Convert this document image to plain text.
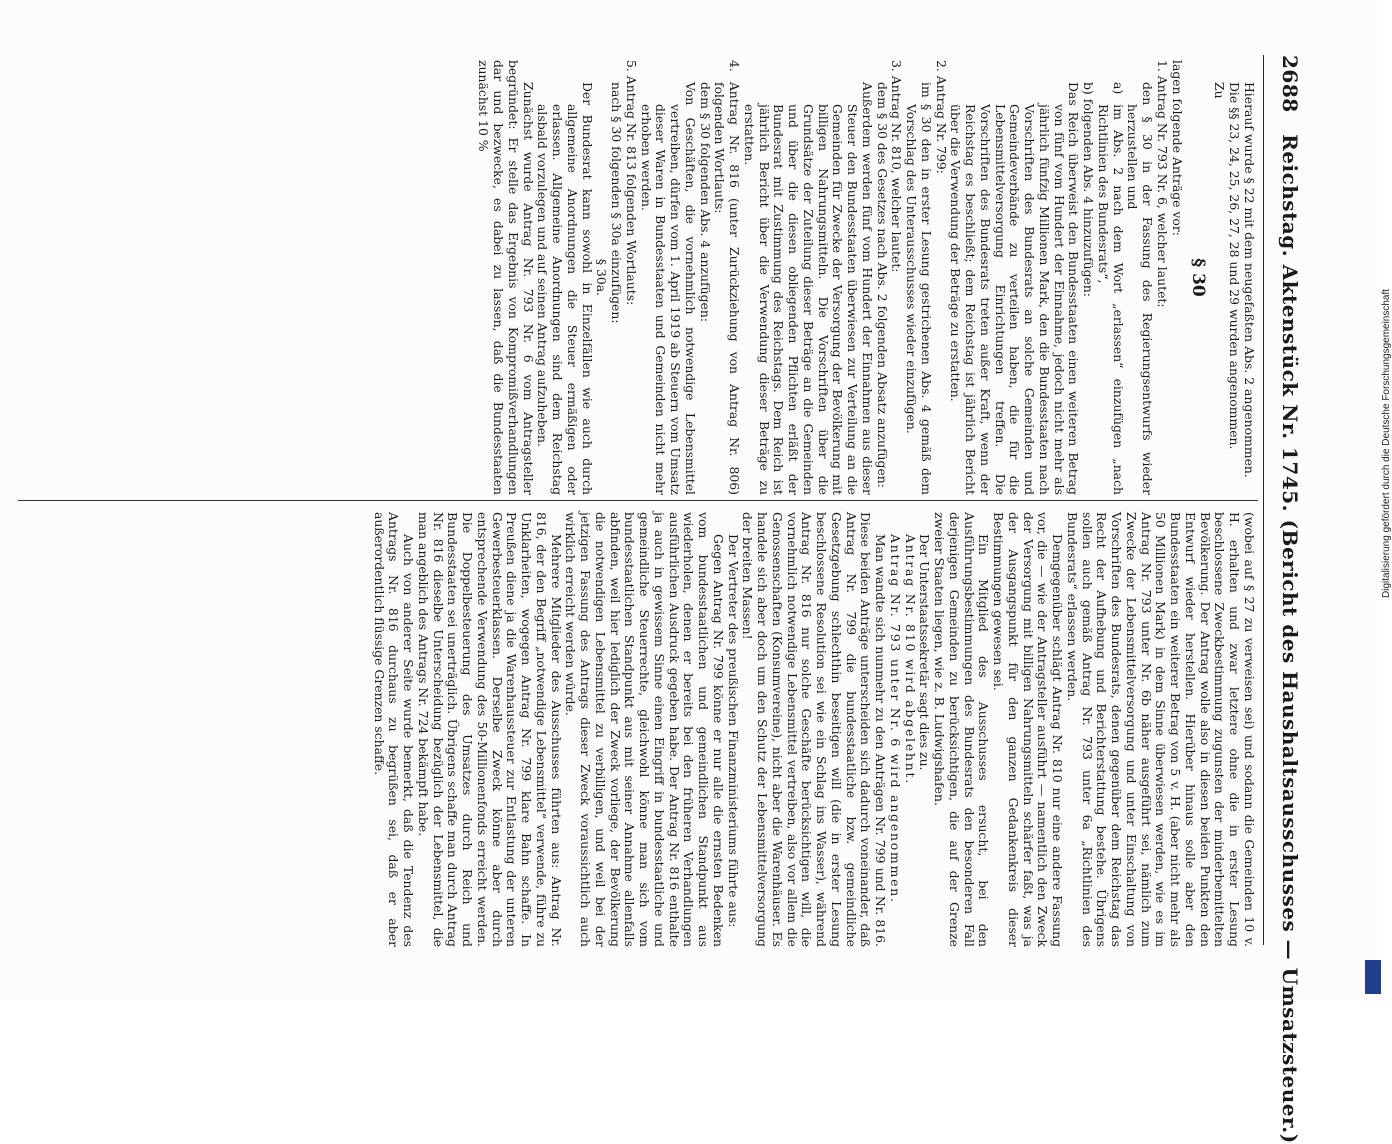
2688 Reichstag. Aktenstück Nr. 1745. (Bericht des Haushaltsausschusses — Umsatzsteuer.)

Hierauf wurde § 22 mit dem neugefaßten Abs. 2 angenommen.

Die §§ 23, 24, 25, 26, 27, 28 und 29 wurden angenommen.

Zu

§ 30

lagen folgende Anträge vor:

1. Antrag Nr. 793 Nr. 6, welcher lautet:

den § 30 in der Fassung des Regierungsentwurfs wieder herzustellen und

a) im Abs. 2 nach dem Wort „erlassen“ einzufügen „nach Richtlinien des Bundesrats“,

b) folgenden Abs. 4 hinzuzufügen:

Das Reich überweist den Bundesstaaten einen weiteren Betrag von fünf vom Hundert der Einnahme, jedoch nicht mehr als jährlich fünfzig Millionen Mark, den die Bundesstaaten nach Vorschriften des Bundesrats an solche Gemeinden und Gemeindeverbände zu verteilen haben, die für die Lebensmittelversorgung Einrichtungen treffen. Die Vorschriften des Bundesrats treten außer Kraft, wenn der Reichstag es beschließt; dem Reichstag ist jährlich Bericht über die Verwendung der Beträge zu erstatten.

2. Antrag Nr. 799:

im § 30 den in erster Lesung gestrichenen Abs. 4 gemäß dem Vorschlag des Unterausschusses wieder einzufügen.

3. Antrag Nr. 810, welcher lautet:

dem § 30 des Gesetzes nach Abs. 2 folgenden Absatz anzufügen:

Außerdem werden fünf vom Hundert der Einnahmen aus dieser Steuer den Bundesstaaten überwiesen zur Verteilung an die Gemeinden für Zwecke der Versorgung der Bevölkerung mit billigen Nahrungsmitteln. Die Vorschriften über die Grundsätze der Zuteilung dieser Beträge an die Gemeinden und über die diesen obliegenden Pflichten erläßt der Bundesrat mit Zustimmung des Reichstags. Dem Reich ist jährlich Bericht über die Verwendung dieser Beträge zu erstatten.

4. Antrag Nr. 816 (unter Zurückziehung von Antrag Nr. 806) folgenden Wortlauts:

dem § 30 folgenden Abs. 4 anzufügen:

Von Geschäften, die vornehmlich notwendige Lebensmittel vertreiben, dürfen vom 1. April 1919 ab Steuern vom Umsatz dieser Waren in Bundesstaaten und Gemeinden nicht mehr erhoben werden.

5. Antrag Nr. 813 folgenden Wortlauts:

nach § 30 folgenden § 30a einzufügen:

§ 30a.

Der Bundesrat kann sowohl in Einzelfällen wie auch durch allgemeine Anordnungen die Steuer ermäßigen oder erlassen. Allgemeine Anordnungen sind dem Reichstag alsbald vorzulegen und auf seinen Antrag aufzuheben.

Zunächst wurde Antrag Nr. 793 Nr. 6 vom Antragsteller begründet: Er stelle das Ergebnis von Kompromißverhandlungen dar und bezwecke, es dabei zu lassen, daß die Bundesstaaten zunächst 10 %

(wobei auf § 27 zu verweisen sei) und sodann die Gemeinden 10 v. H. erhalten und zwar letztere ohne die in erster Lesung beschlossene Zweckbestimmung zugunsten der minderbemittelten Bevölkerung. Der Antrag wolle also in diesen beiden Punkten den Entwurf wieder herstellen. Hierüber hinaus solle aber den Bundesstaaten ein weiterer Betrag von 5 v. H. (aber nicht mehr als 50 Millionen Mark) in dem Sinne überwiesen werden, wie es im Antrag Nr. 793 unter Nr. 6b näher ausgeführt sei, nämlich zum Zwecke der Lebensmittelversorgung und unter Einschaltung von Vorschriften des Bundesrats, denen gegenüber dem Reichstag das Recht der Aufhebung und Berichterstattung bestehe. Übrigens sollen auch gemäß Antrag Nr. 793 unter 6a „Richtlinien des Bundesrats“ erlassen werden.

Demgegenüber schlägt Antrag Nr. 810 nur eine andere Fassung vor, die — wie der Antragsteller ausführt — namentlich den Zweck der Versorgung mit billigen Nahrungsmitteln schärfer faßt, was ja der Ausgangspunkt für den ganzen Gedankenkreis dieser Bestimmungen gewesen sei.

Ein Mitglied des Ausschusses ersucht, bei den Ausführungsbestimmungen des Bundesrats den besonderen Fall derjenigen Gemeinden zu berücksichtigen, die auf der Grenze zweier Staaten liegen, wie z. B. Ludwigshafen.

Der Unterstaatssekretär sagt dies zu.

Antrag Nr. 810 wird abgelehnt.

Antrag Nr. 793 unter Nr. 6 wird angenommen.

Man wandte sich nunmehr zu den Anträgen Nr. 799 und Nr. 816. Diese beiden Anträge unterscheiden sich dadurch voneinander, daß Antrag Nr. 799 die bundesstaatliche bzw. gemeindliche Gesetzgebung schlechthin beseitigen will (die in erster Lesung beschlossene Resolution sei wie ein Schlag ins Wasser), während Antrag Nr. 816 nur solche Geschäfte berücksichtigen will, die vornehmlich notwendige Lebensmittel vertreiben, also vor allem die Genossenschaften (Konsumvereine), nicht aber die Warenhäuser. Es handele sich aber doch um den Schutz der Lebensmittelversorgung der breiten Massen!

Der Vertreter des preußischen Finanzministeriums führte aus:

Gegen Antrag Nr. 799 könne er nur alle die ernsten Bedenken vom bundesstaatlichen und gemeindlichen Standpunkt aus wiederholen, denen er bereits bei den früheren Verhandlungen ausführlichen Ausdruck gegeben habe. Der Antrag Nr. 816 enthalte ja auch in gewissem Sinne einen Eingriff in bundesstaatliche und gemeindliche Steuerrechte, gleichwohl könne man sich vom bundesstaatlichen Standpunkt aus mit seiner Annahme allenfalls abfinden, weil hier lediglich der Zweck vorliege, der Bevölkerung die notwendigen Lebensmittel zu verbilligen, und weil bei der jetzigen Fassung des Antrags dieser Zweck voraussichtlich auch wirklich erreicht werden würde.

Mehrere Mitglieder des Ausschusses führten aus: Antrag Nr. 816, der den Begriff „notwendige Lebensmittel“ verwende, führe zu Unklarheiten, wogegen Antrag Nr. 799 klare Bahn schaffe. In Preußen diene ja die Warenhaussteuer zur Entlastung der unteren Gewerbesteuerklassen. Derselbe Zweck könne aber durch entsprechende Verwendung des 50-Millionenfonds erreicht werden. Die Doppelbesteuerung des Umsatzes durch Reich und Bundesstaaten sei unerträglich. Übrigens schaffe man durch Antrag Nr. 816 dieselbe Unterscheidung bezüglich der Lebensmittel, die man angeblich des Antrags Nr. 724 bekämpft habe.

Auch von anderer Seite wurde bemerkt, daß die Tendenz des Antrags Nr. 816 durchaus zu begrüßen sei, daß er aber außerordentlich flüssige Grenzen schaffe.

Digitalisierung gefördert durch die Deutsche Forschungsgemeinschaft
DFG
